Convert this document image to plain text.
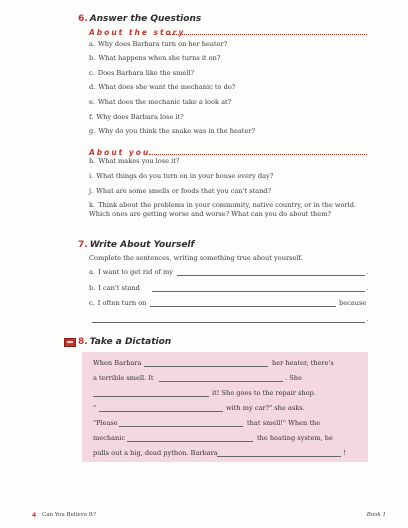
6. Answer the Questions
About the story
a. Why does Barbara turn on her heater?
b. What happens when she turns it on?
c. Does Barbara like the smell?
d. What does she want the mechanic to do?
e. What does the mechanic take a look at?
f. Why does Barbara lose it?
g. Why do you think the snake was in the heater?
About you
h. What makes you lose it?
i. What things do you turn on in your house every day?
j. What are some smells or foods that you can't stand?
k. Think about the problems in your community, native country, or in the world. Which ones are getting worse and worse? What can you do about them?
7. Write About Yourself
Complete the sentences, writing something true about yourself.
a. I want to get rid of my	.
b. I can't stand	.
c. I often turn on	because
.
8. Take a Dictation
When Barbara	her heater, there's
a terrible smell. It	. She
it! She goes to the repair shop.
"	with my car?" she asks.
"Please	that smell!" When the
mechanic	the heating system, he
pulls out a big, dead python. Barbara	!
4 Can You Believe It?	Book 1
